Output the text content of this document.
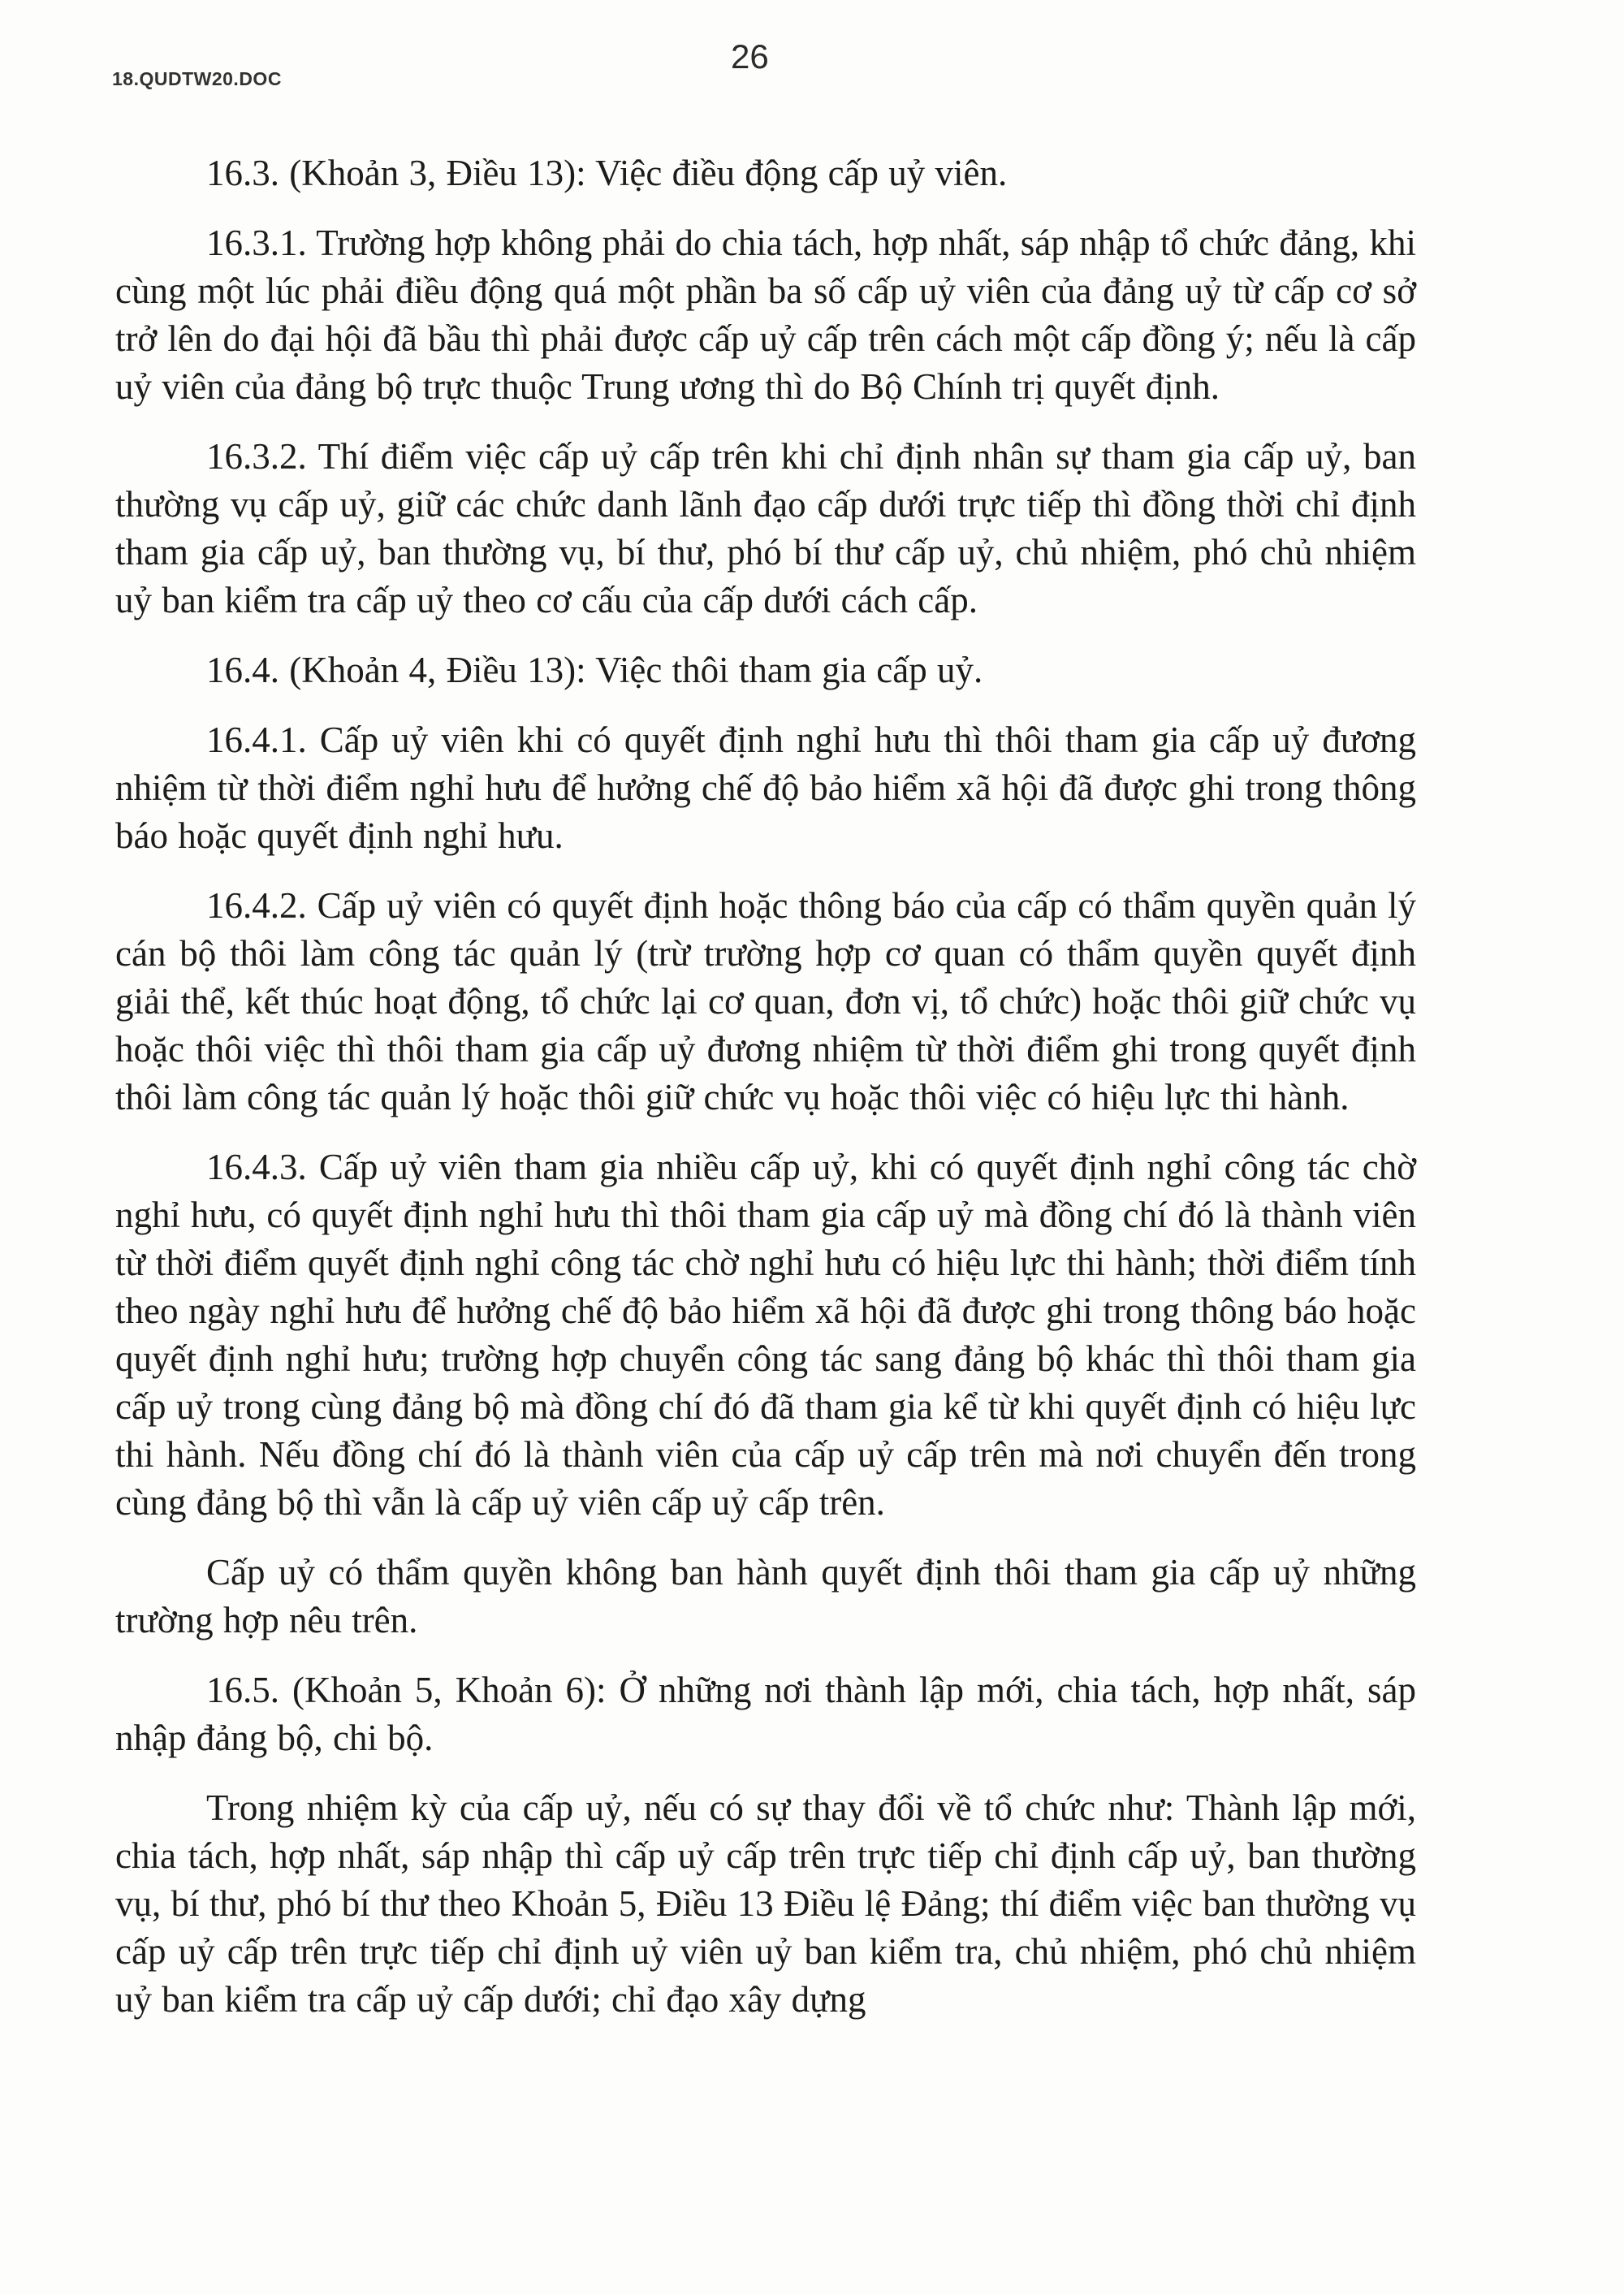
18.QUDTW20.DOC
26

16.3. (Khoản 3, Điều 13): Việc điều động cấp uỷ viên.

16.3.1. Trường hợp không phải do chia tách, hợp nhất, sáp nhập tổ chức đảng, khi cùng một lúc phải điều động quá một phần ba số cấp uỷ viên của đảng uỷ từ cấp cơ sở trở lên do đại hội đã bầu thì phải được cấp uỷ cấp trên cách một cấp đồng ý; nếu là cấp uỷ viên của đảng bộ trực thuộc Trung ương thì do Bộ Chính trị quyết định.

16.3.2. Thí điểm việc cấp uỷ cấp trên khi chỉ định nhân sự tham gia cấp uỷ, ban thường vụ cấp uỷ, giữ các chức danh lãnh đạo cấp dưới trực tiếp thì đồng thời chỉ định tham gia cấp uỷ, ban thường vụ, bí thư, phó bí thư cấp uỷ, chủ nhiệm, phó chủ nhiệm uỷ ban kiểm tra cấp uỷ theo cơ cấu của cấp dưới cách cấp.

16.4. (Khoản 4, Điều 13): Việc thôi tham gia cấp uỷ.

16.4.1. Cấp uỷ viên khi có quyết định nghỉ hưu thì thôi tham gia cấp uỷ đương nhiệm từ thời điểm nghỉ hưu để hưởng chế độ bảo hiểm xã hội đã được ghi trong thông báo hoặc quyết định nghỉ hưu.

16.4.2. Cấp uỷ viên có quyết định hoặc thông báo của cấp có thẩm quyền quản lý cán bộ thôi làm công tác quản lý (trừ trường hợp cơ quan có thẩm quyền quyết định giải thể, kết thúc hoạt động, tổ chức lại cơ quan, đơn vị, tổ chức) hoặc thôi giữ chức vụ hoặc thôi việc thì thôi tham gia cấp uỷ đương nhiệm từ thời điểm ghi trong quyết định thôi làm công tác quản lý hoặc thôi giữ chức vụ hoặc thôi việc có hiệu lực thi hành.

16.4.3. Cấp uỷ viên tham gia nhiều cấp uỷ, khi có quyết định nghỉ công tác chờ nghỉ hưu, có quyết định nghỉ hưu thì thôi tham gia cấp uỷ mà đồng chí đó là thành viên từ thời điểm quyết định nghỉ công tác chờ nghỉ hưu có hiệu lực thi hành; thời điểm tính theo ngày nghỉ hưu để hưởng chế độ bảo hiểm xã hội đã được ghi trong thông báo hoặc quyết định nghỉ hưu; trường hợp chuyển công tác sang đảng bộ khác thì thôi tham gia cấp uỷ trong cùng đảng bộ mà đồng chí đó đã tham gia kể từ khi quyết định có hiệu lực thi hành. Nếu đồng chí đó là thành viên của cấp uỷ cấp trên mà nơi chuyển đến trong cùng đảng bộ thì vẫn là cấp uỷ viên cấp uỷ cấp trên.

Cấp uỷ có thẩm quyền không ban hành quyết định thôi tham gia cấp uỷ những trường hợp nêu trên.

16.5. (Khoản 5, Khoản 6): Ở những nơi thành lập mới, chia tách, hợp nhất, sáp nhập đảng bộ, chi bộ.

Trong nhiệm kỳ của cấp uỷ, nếu có sự thay đổi về tổ chức như: Thành lập mới, chia tách, hợp nhất, sáp nhập thì cấp uỷ cấp trên trực tiếp chỉ định cấp uỷ, ban thường vụ, bí thư, phó bí thư theo Khoản 5, Điều 13 Điều lệ Đảng; thí điểm việc ban thường vụ cấp uỷ cấp trên trực tiếp chỉ định uỷ viên uỷ ban kiểm tra, chủ nhiệm, phó chủ nhiệm uỷ ban kiểm tra cấp uỷ cấp dưới; chỉ đạo xây dựng
